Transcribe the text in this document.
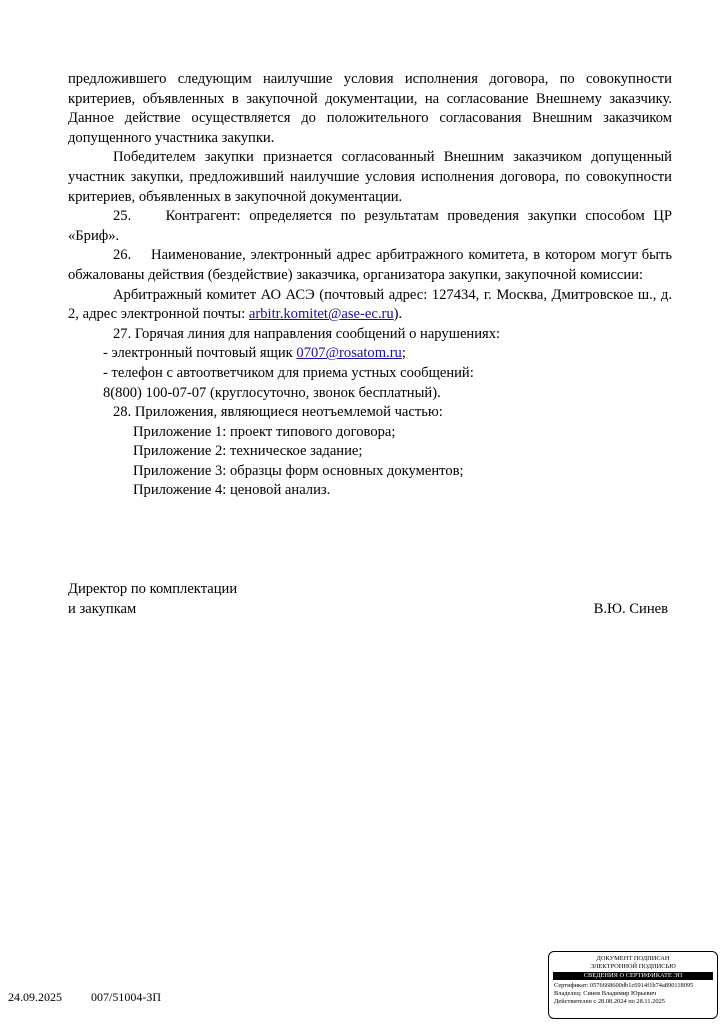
предложившего следующим наилучшие условия исполнения договора, по совокупности критериев, объявленных в закупочной документации, на согласование Внешнему заказчику. Данное действие осуществляется до положительного согласования Внешним заказчиком допущенного участника закупки.

Победителем закупки признается согласованный Внешним заказчиком допущенный участник закупки, предложивший наилучшие условия исполнения договора, по совокупности критериев, объявленных в закупочной документации.

25.    Контрагент: определяется по результатам проведения закупки способом ЦР «Бриф».

26.    Наименование, электронный адрес арбитражного комитета, в котором могут быть обжалованы действия (бездействие) заказчика, организатора закупки, закупочной комиссии:

Арбитражный комитет АО АСЭ (почтовый адрес: 127434, г. Москва, Дмитровское ш., д. 2, адрес электронной почты: arbitr.komitet@ase-ec.ru).

27. Горячая линия для направления сообщений о нарушениях:

- электронный почтовый ящик 0707@rosatom.ru;

- телефон с автоответчиком для приема устных сообщений:

8(800) 100-07-07 (круглосуточно, звонок бесплатный).

28. Приложения, являющиеся неотъемлемой частью:

Приложение 1: проект типового договора;

Приложение 2: техническое задание;

Приложение 3: образцы форм основных документов;

Приложение 4: ценовой анализ.

Директор по комплектации
и закупкам	В.Ю. Синев
24.09.2025 007/51004-ЗП
ДОКУМЕНТ ПОДПИСАН
ЭЛЕКТРОННОЙ ПОДПИСЬЮ
СВЕДЕНИЯ О СЕРТИФИКАТЕ ЭП
Сертификат: 0576668600db1c6914f1b74a890118095
Владелец: Синев Владимир Юрьевич
Действителен с 28.08.2024 по 28.11.2025
